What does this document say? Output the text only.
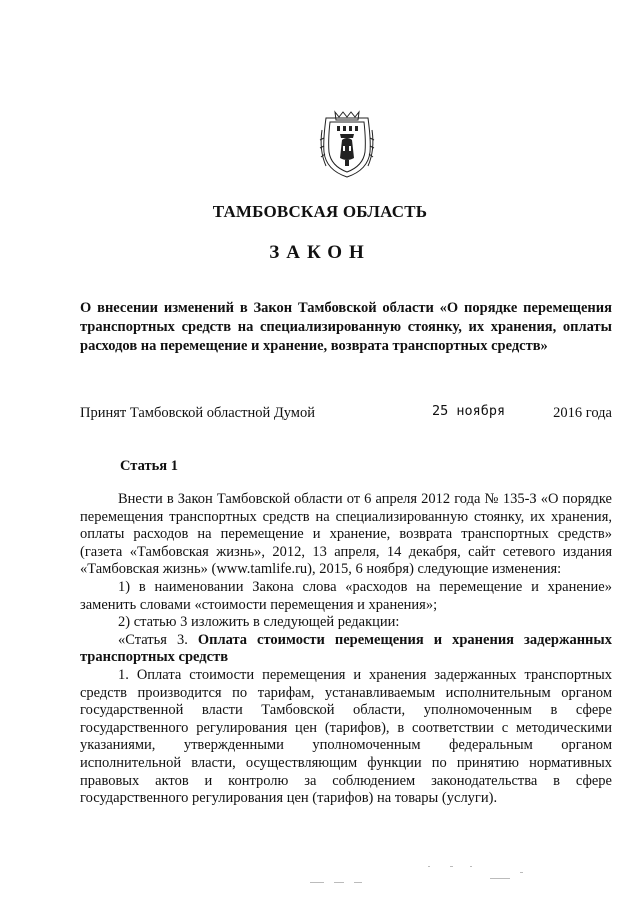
ТАМБОВСКАЯ ОБЛАСТЬ
ЗАКОН
О внесении изменений в Закон Тамбовской области «О порядке перемещения транспортных средств на специализированную стоянку, их хранения, оплаты расходов на перемещение и хранение, возврата транспортных средств»
Принят Тамбовской областной Думой	25 ноября	2016 года
Статья 1

Внести в Закон Тамбовской области от 6 апреля 2012 года № 135-З «О порядке перемещения транспортных средств на специализированную стоянку, их хранения, оплаты расходов на перемещение и хранение, возврата транспортных средств» (газета «Тамбовская жизнь», 2012, 13 апреля, 14 декабря, сайт сетевого издания «Тамбовская жизнь» (www.tamlife.ru), 2015, 6 ноября) следующие изменения:

1) в наименовании Закона слова «расходов на перемещение и хранение» заменить словами «стоимости перемещения и хранения»;

2) статью 3 изложить в следующей редакции:

«Статья 3. Оплата стоимости перемещения и хранения задержанных транспортных средств

1. Оплата стоимости перемещения и хранения задержанных транспортных средств производится по тарифам, устанавливаемым исполнительным органом государственной власти Тамбовской области, уполномоченным в сфере государственного регулирования цен (тарифов), в соответствии с методическими указаниями, утвержденными уполномоченным федеральным органом исполнительной власти, осуществляющим функции по принятию нормативных правовых актов и контролю за соблюдением законодательства в сфере государственного регулирования цен (тарифов) на товары (услуги).
